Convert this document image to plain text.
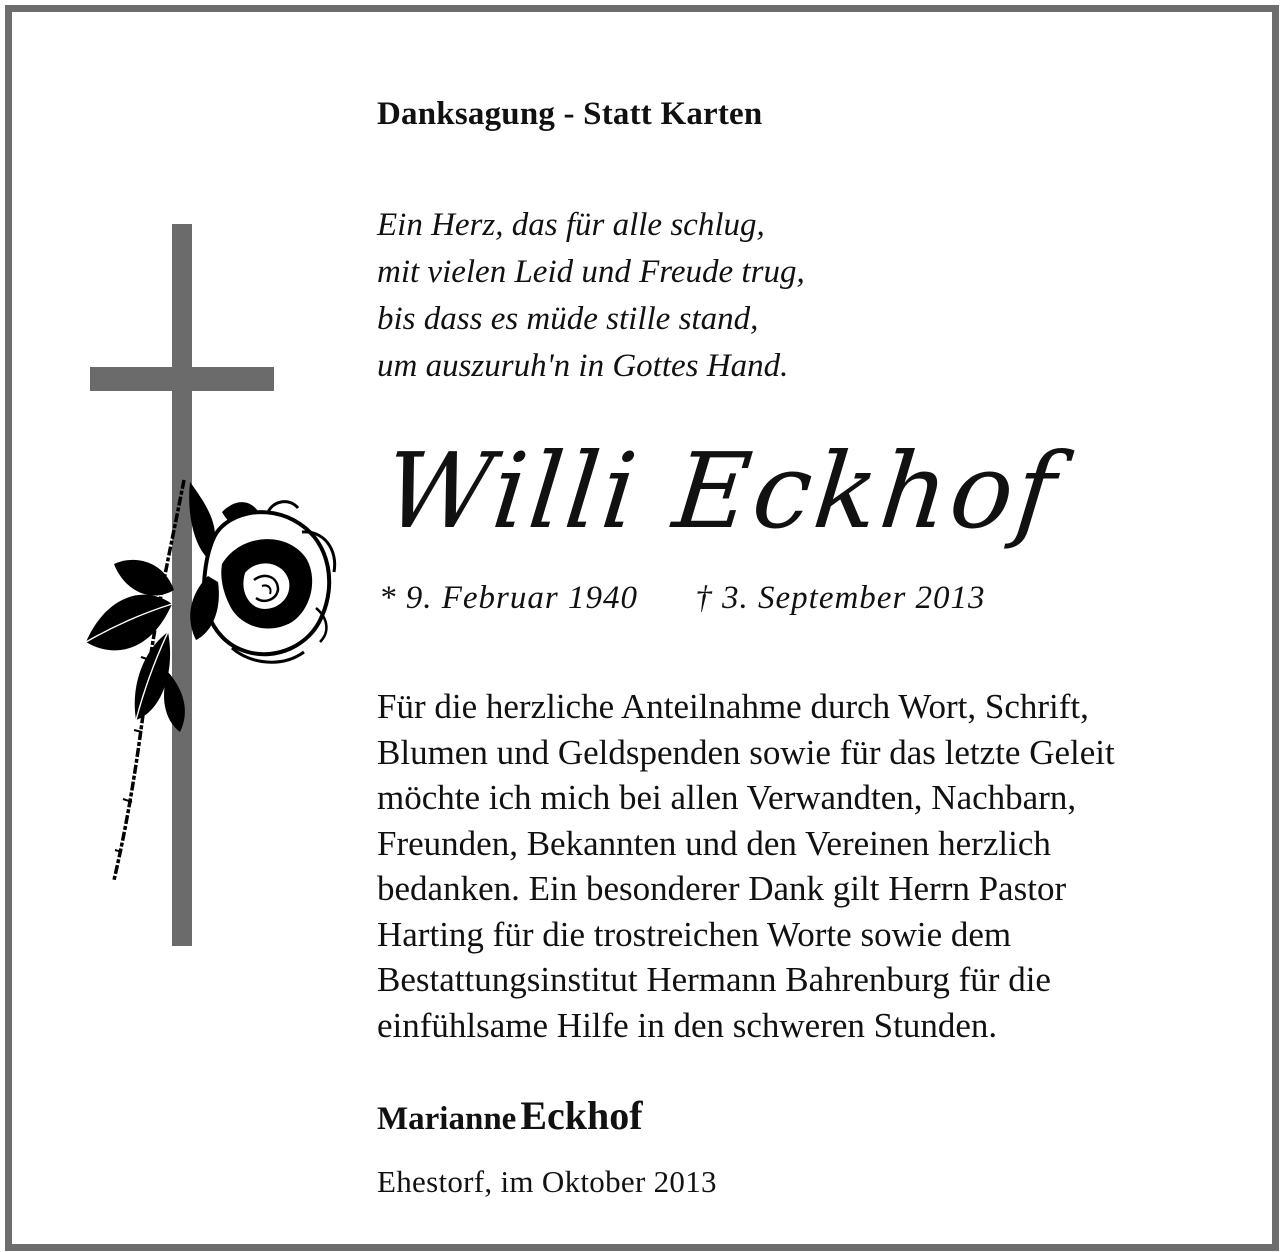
Danksagung - Statt Karten
Ein Herz, das für alle schlug,
mit vielen Leid und Freude trug,
bis dass es müde stille stand,
um auszuruh'n in Gottes Hand.
Willi Eckhof
* 9. Februar 1940 † 3. September 2013
Für die herzliche Anteilnahme durch Wort, Schrift,
Blumen und Geldspenden sowie für das letzte Geleit
möchte ich mich bei allen Verwandten, Nachbarn,
Freunden, Bekannten und den Vereinen herzlich
bedanken. Ein besonderer Dank gilt Herrn Pastor
Harting für die trostreichen Worte sowie dem
Bestattungsinstitut Hermann Bahrenburg für die
einfühlsame Hilfe in den schweren Stunden.
Marianne Eckhof
Ehestorf, im Oktober 2013
